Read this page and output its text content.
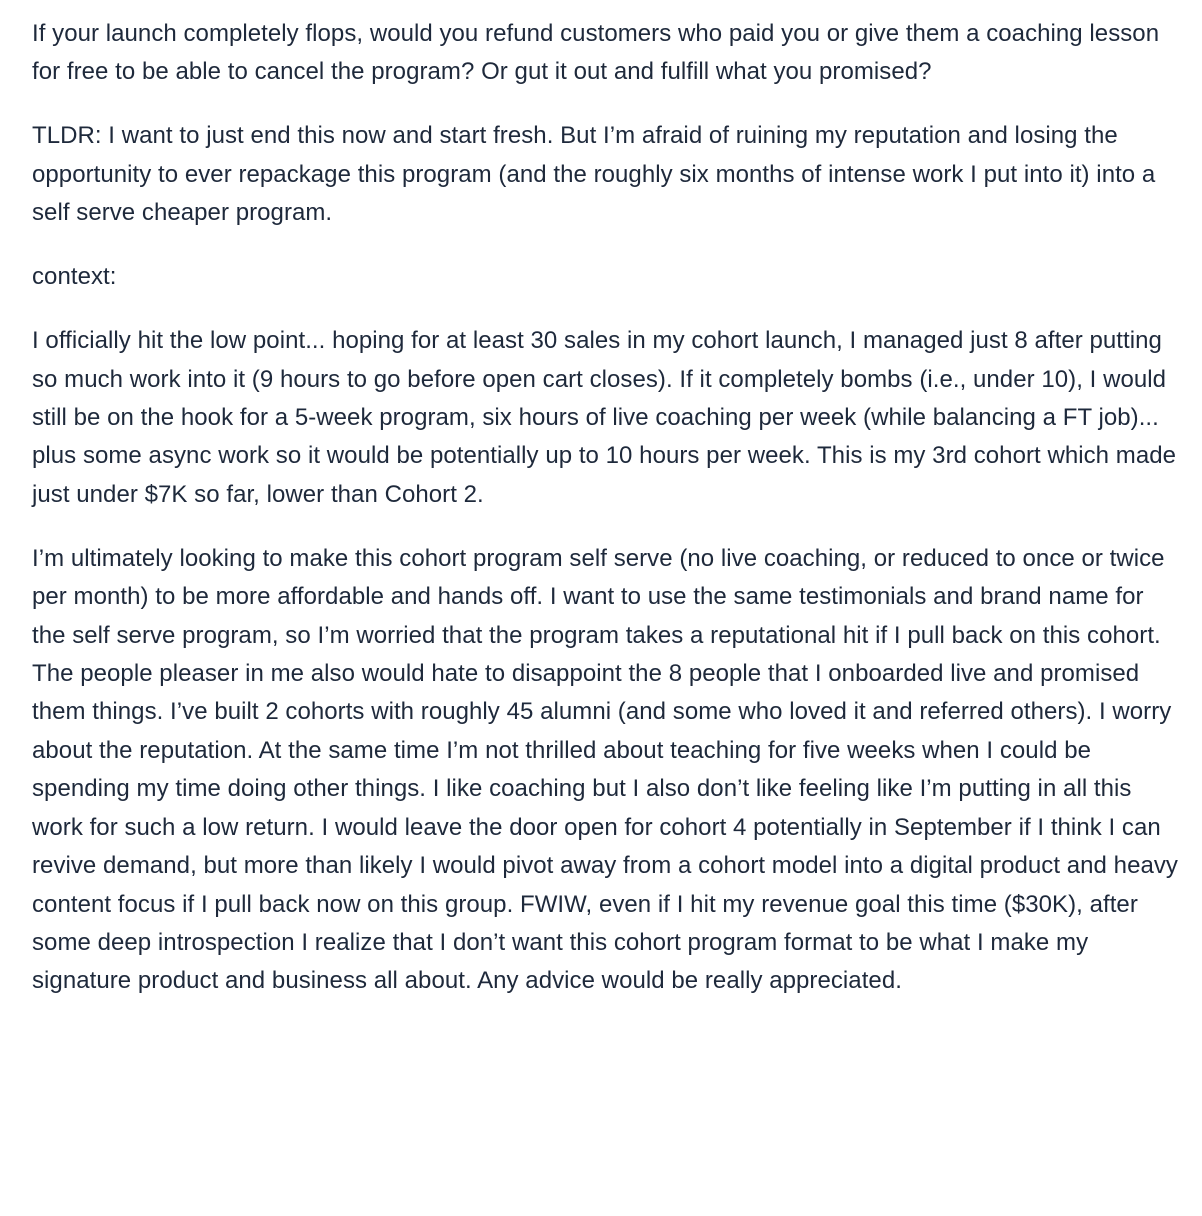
If your launch completely flops, would you refund customers who paid you or give them a coaching lesson for free to be able to cancel the program? Or gut it out and fulfill what you promised?

TLDR: I want to just end this now and start fresh. But I’m afraid of ruining my reputation and losing the opportunity to ever repackage this program (and the roughly six months of intense work I put into it) into a self serve cheaper program.

context:

I officially hit the low point... hoping for at least 30 sales in my cohort launch, I managed just 8 after putting so much work into it (9 hours to go before open cart closes). If it completely bombs (i.e., under 10), I would still be on the hook for a 5-week program, six hours of live coaching per week (while balancing a FT job)... plus some async work so it would be potentially up to 10 hours per week. This is my 3rd cohort which made just under $7K so far, lower than Cohort 2.

I’m ultimately looking to make this cohort program self serve (no live coaching, or reduced to once or twice per month) to be more affordable and hands off. I want to use the same testimonials and brand name for the self serve program, so I’m worried that the program takes a reputational hit if I pull back on this cohort. The people pleaser in me also would hate to disappoint the 8 people that I onboarded live and promised them things. I’ve built 2 cohorts with roughly 45 alumni (and some who loved it and referred others). I worry about the reputation. At the same time I’m not thrilled about teaching for five weeks when I could be spending my time doing other things. I like coaching but I also don’t like feeling like I’m putting in all this work for such a low return. I would leave the door open for cohort 4 potentially in September if I think I can revive demand, but more than likely I would pivot away from a cohort model into a digital product and heavy content focus if I pull back now on this group. FWIW, even if I hit my revenue goal this time ($30K), after some deep introspection I realize that I don’t want this cohort program format to be what I make my signature product and business all about. Any advice would be really appreciated.
